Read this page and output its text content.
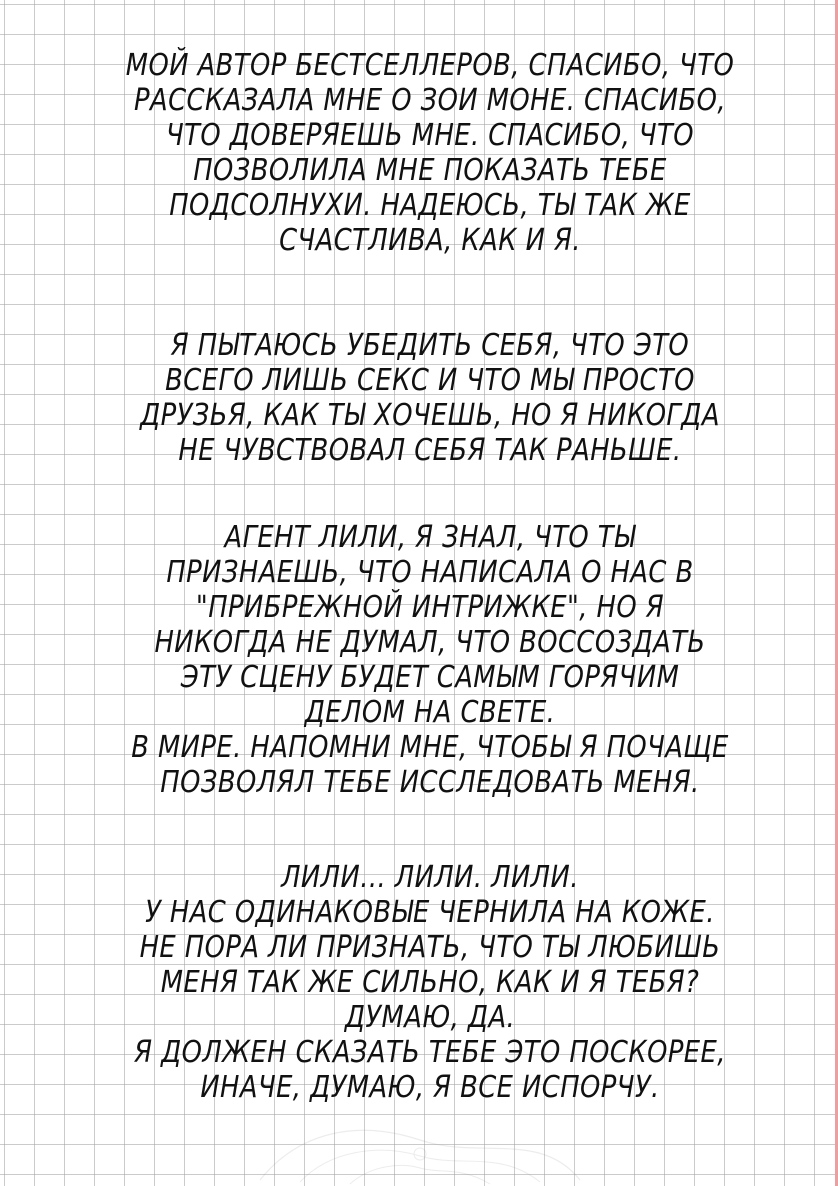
МОЙ АВТОР БЕСТСЕЛЛЕРОВ, СПАСИБО, ЧТО
РАССКАЗАЛА МНЕ О ЗОИ МОНЕ. СПАСИБО,
ЧТО ДОВЕРЯЕШЬ МНЕ. СПАСИБО, ЧТО
ПОЗВОЛИЛА МНЕ ПОКАЗАТЬ ТЕБЕ
ПОДСОЛНУХИ. НАДЕЮСЬ, ТЫ ТАК ЖЕ
СЧАСТЛИВА, КАК И Я.
Я ПЫТАЮСЬ УБЕДИТЬ СЕБЯ, ЧТО ЭТО
ВСЕГО ЛИШЬ СЕКС И ЧТО МЫ ПРОСТО
ДРУЗЬЯ, КАК ТЫ ХОЧЕШЬ, НО Я НИКОГДА
НЕ ЧУВСТВОВАЛ СЕБЯ ТАК РАНЬШЕ.
АГЕНТ ЛИЛИ, Я ЗНАЛ, ЧТО ТЫ
ПРИЗНАЕШЬ, ЧТО НАПИСАЛА О НАС В
"ПРИБРЕЖНОЙ ИНТРИЖКЕ", НО Я
НИКОГДА НЕ ДУМАЛ, ЧТО ВОССОЗДАТЬ
ЭТУ СЦЕНУ БУДЕТ САМЫМ ГОРЯЧИМ
ДЕЛОМ НА СВЕТЕ.
В МИРЕ. НАПОМНИ МНЕ, ЧТОБЫ Я ПОЧАЩЕ
ПОЗВОЛЯЛ ТЕБЕ ИССЛЕДОВАТЬ МЕНЯ.
ЛИЛИ... ЛИЛИ. ЛИЛИ.
У НАС ОДИНАКОВЫЕ ЧЕРНИЛА НА КОЖЕ.
НЕ ПОРА ЛИ ПРИЗНАТЬ, ЧТО ТЫ ЛЮБИШЬ
МЕНЯ ТАК ЖЕ СИЛЬНО, КАК И Я ТЕБЯ?
ДУМАЮ, ДА.
Я ДОЛЖЕН СКАЗАТЬ ТЕБЕ ЭТО ПОСКОРЕЕ,
ИНАЧЕ, ДУМАЮ, Я ВСЕ ИСПОРЧУ.
